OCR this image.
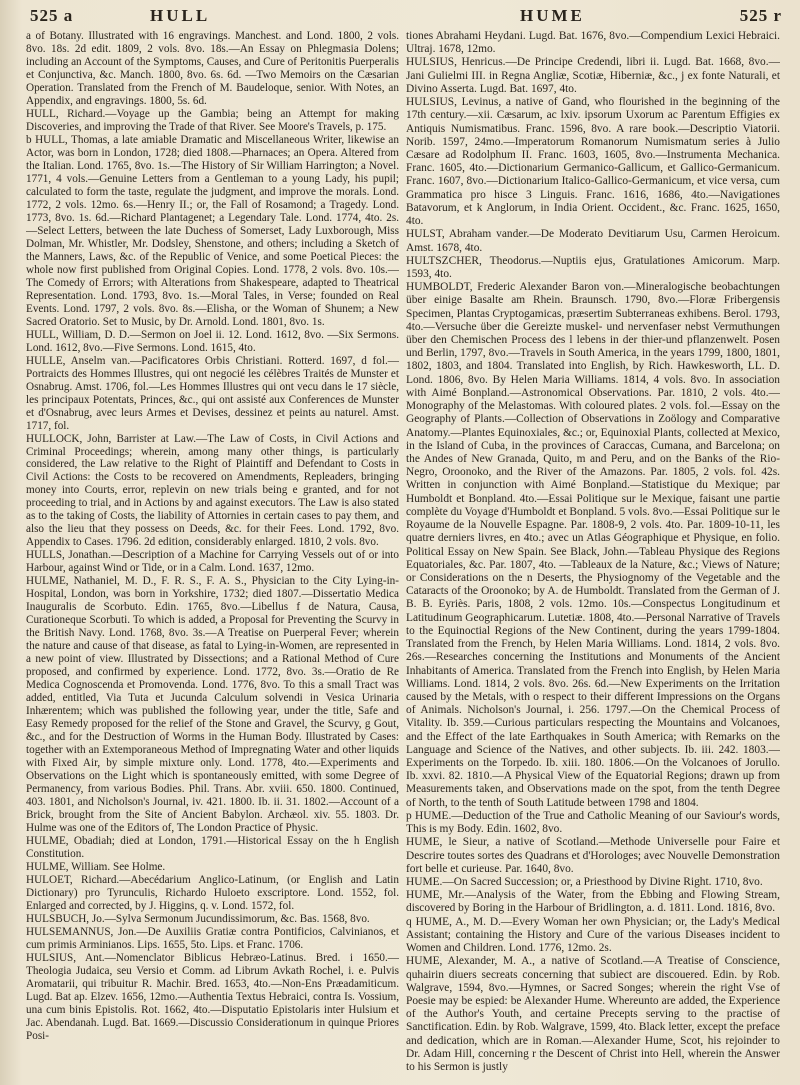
525 a	HULL	HUME	525 r

a of Botany. Illustrated with 16 engravings. Manchest. and Lond. 1800, 2 vols. 8vo. 18s. 2d edit. 1809, 2 vols. 8vo. 18s.—An Essay on Phlegmasia Dolens; including an Account of the Symptoms, Causes, and Cure of Peritonitis Puerperalis et Conjunctiva, &c. Manch. 1800, 8vo. 6s. 6d. —Two Memoirs on the Cæsarian Operation. Translated from the French of M. Baudeloque, senior. With Notes, an Appendix, and engravings. 1800, 5s. 6d.

HULL, Richard.—Voyage up the Gambia; being an Attempt for making Discoveries, and improving the Trade of that River. See Moore's Travels, p. 175.

b HULL, Thomas, a late amiable Dramatic and Miscellaneous Writer, likewise an Actor, was born in London, 1728; died 1808.—Pharnaces; an Opera. Altered from the Italian. Lond. 1765, 8vo. 1s.—The History of Sir William Harrington; a Novel. 1771, 4 vols.—Genuine Letters from a Gentleman to a young Lady, his pupil; calculated to form the taste, regulate the judgment, and improve the morals. Lond. 1772, 2 vols. 12mo. 6s.—Henry II.; or, the Fall of Rosamond; a Tragedy. Lond. 1773, 8vo. 1s. 6d.—Richard Plantagenet; a Legendary Tale. Lond. 1774, 4to. 2s. —Select Letters, between the late Duchess of Somerset, Lady Luxborough, Miss Dolman, Mr. Whistler, Mr. Dodsley, Shenstone, and others; including a Sketch of the Manners, Laws, &c. of the Republic of Venice, and some Poetical Pieces: the whole now first published from Original Copies. Lond. 1778, 2 vols. 8vo. 10s.—The Comedy of Errors; with Alterations from Shakespeare, adapted to Theatrical Representation. Lond. 1793, 8vo. 1s.—Moral Tales, in Verse; founded on Real Events. Lond. 1797, 2 vols. 8vo. 8s.—Elisha, or the Woman of Shunem; a New Sacred Oratorio. Set to Music, by Dr. Arnold. Lond. 1801, 8vo. 1s.

HULL, William, D. D.—Sermon on Joel ii. 12. Lond. 1612, 8vo. —Six Sermons. Lond. 1612, 8vo.—Five Sermons. Lond. 1615, 4to.

HULLE, Anselm van.—Pacificatores Orbis Christiani. Rotterd. 1697, d fol.—Portraicts des Hommes Illustres, qui ont negocié les célèbres Traités de Munster et Osnabrug. Amst. 1706, fol.—Les Hommes Illustres qui ont vecu dans le 17 siècle, les principaux Potentats, Princes, &c., qui ont assisté aux Conferences de Munster et d'Osnabrug, avec leurs Armes et Devises, dessinez et peints au naturel. Amst. 1717, fol.

HULLOCK, John, Barrister at Law.—The Law of Costs, in Civil Actions and Criminal Proceedings; wherein, among many other things, is particularly considered, the Law relative to the Right of Plaintiff and Defendant to Costs in Civil Actions: the Costs to be recovered on Amendments, Repleaders, bringing money into Courts, error, replevin on new trials being e granted, and for not proceeding to trial, and in Actions by and against executors. The Law is also stated as to the taking of Costs, the liability of Attornies in certain cases to pay them, and also the lieu that they possess on Deeds, &c. for their Fees. Lond. 1792, 8vo. Appendix to Cases. 1796. 2d edition, considerably enlarged. 1810, 2 vols. 8vo.

HULLS, Jonathan.—Description of a Machine for Carrying Vessels out of or into Harbour, against Wind or Tide, or in a Calm. Lond. 1637, 12mo.

HULME, Nathaniel, M. D., F. R. S., F. A. S., Physician to the City Lying-in-Hospital, London, was born in Yorkshire, 1732; died 1807.—Dissertatio Medica Inauguralis de Scorbuto. Edin. 1765, 8vo.—Libellus f de Natura, Causa, Curationeque Scorbuti. To which is added, a Proposal for Preventing the Scurvy in the British Navy. Lond. 1768, 8vo. 3s.—A Treatise on Puerperal Fever; wherein the nature and cause of that disease, as fatal to Lying-in-Women, are represented in a new point of view. Illustrated by Dissections; and a Rational Method of Cure proposed, and confirmed by experience. Lond. 1772, 8vo. 3s.—Oratio de Re Medica Cognoscenda et Promovenda. Lond. 1776, 8vo. To this a small Tract was added, entitled, Via Tuta et Jucunda Calculum solvendi in Vesica Urinaria Inhærentem; which was published the following year, under the title, Safe and Easy Remedy proposed for the relief of the Stone and Gravel, the Scurvy, g Gout, &c., and for the Destruction of Worms in the Human Body. Illustrated by Cases: together with an Extemporaneous Method of Impregnating Water and other liquids with Fixed Air, by simple mixture only. Lond. 1778, 4to.—Experiments and Observations on the Light which is spontaneously emitted, with some Degree of Permanency, from various Bodies. Phil. Trans. Abr. xviii. 650. 1800. Continued, 403. 1801, and Nicholson's Journal, iv. 421. 1800. Ib. ii. 31. 1802.—Account of a Brick, brought from the Site of Ancient Babylon. Archæol. xiv. 55. 1803. Dr. Hulme was one of the Editors of, The London Practice of Physic.

HULME, Obadiah; died at London, 1791.—Historical Essay on the h English Constitution.

HULME, William. See Holme.

HULOET, Richard.—Abecédarium Anglico-Latinum, (or English and Latin Dictionary) pro Tyrunculis, Richardo Huloeto exscriptore. Lond. 1552, fol. Enlarged and corrected, by J. Higgins, q. v. Lond. 1572, fol.

HULSBUCH, Jo.—Sylva Sermonum Jucundissimorum, &c. Bas. 1568, 8vo.

HULSEMANNUS, Jon.—De Auxiliis Gratiæ contra Pontificios, Calvinianos, et cum primis Arminianos. Lips. 1655, 5to. Lips. et Franc. 1706.

HULSIUS, Ant.—Nomenclator Biblicus Hebræo-Latinus. Bred. i 1650.—Theologia Judaica, seu Versio et Comm. ad Librum Avkath Rochel, i. e. Pulvis Aromatarii, qui tribuitur R. Machir. Bred. 1653, 4to.—Non-Ens Præadamiticum. Lugd. Bat ap. Elzev. 1656, 12mo.—Authentia Textus Hebraici, contra Is. Vossium, una cum binis Epistolis. Rot. 1662, 4to.—Disputatio Epistolaris inter Hulsium et Jac. Abendanah. Lugd. Bat. 1669.—Discussio Considerationum in quinque Priores Posi-

tiones Abrahami Heydani. Lugd. Bat. 1676, 8vo.—Compendium Lexici Hebraici. Ultraj. 1678, 12mo.

HULSIUS, Henricus.—De Principe Credendi, libri ii. Lugd. Bat. 1668, 8vo.—Jani Gulielmi III. in Regna Angliæ, Scotiæ, Hiberniæ, &c., j ex fonte Naturali, et Divino Asserta. Lugd. Bat. 1697, 4to.

HULSIUS, Levinus, a native of Gand, who flourished in the beginning of the 17th century.—xii. Cæsarum, ac lxiv. ipsorum Uxorum ac Parentum Effigies ex Antiquis Numismatibus. Franc. 1596, 8vo. A rare book.—Descriptio Viatorii. Norib. 1597, 24mo.—Imperatorum Romanorum Numismatum series à Julio Cæsare ad Rodolphum II. Franc. 1603, 1605, 8vo.—Instrumenta Mechanica. Franc. 1605, 4to.—Dictionarium Germanico-Gallicum, et Gallico-Germanicum. Franc. 1607, 8vo.—Dictionarium Italico-Gallico-Germanicum, et vice versa, cum Grammatica pro hisce 3 Linguis. Franc. 1616, 1686, 4to.—Navigationes Batavorum, et k Anglorum, in India Orient. Occident., &c. Franc. 1625, 1650, 4to.

HULST, Abraham vander.—De Moderato Devitiarum Usu, Carmen Heroicum. Amst. 1678, 4to.

HULTSZCHER, Theodorus.—Nuptiis ejus, Gratulationes Amicorum. Marp. 1593, 4to.

HUMBOLDT, Frederic Alexander Baron von.—Mineralogische beobachtungen über einige Basalte am Rhein. Braunsch. 1790, 8vo.—Floræ Fribergensis Specimen, Plantas Cryptogamicas, præsertim Subterraneas exhibens. Berol. 1793, 4to.—Versuche über die Gereizte muskel- und nervenfaser nebst Vermuthungen über den Chemischen Process des l lebens in der thier-und pflanzenwelt. Posen und Berlin, 1797, 8vo.—Travels in South America, in the years 1799, 1800, 1801, 1802, 1803, and 1804. Translated into English, by Rich. Hawkesworth, LL. D. Lond. 1806, 8vo. By Helen Maria Williams. 1814, 4 vols. 8vo. In association with Aimé Bonpland.—Astronomical Observations. Par. 1810, 2 vols. 4to.—Monography of the Melastomas. With coloured plates. 2 vols. fol.—Essay on the Geography of Plants.—Collection of Observations in Zoölogy and Comparative Anatomy.—Plantes Equinoxiales, &c.; or, Equinoxial Plants, collected at Mexico, in the Island of Cuba, in the provinces of Caraccas, Cumana, and Barcelona; on the Andes of New Granada, Quito, m and Peru, and on the Banks of the Rio-Negro, Oroonoko, and the River of the Amazons. Par. 1805, 2 vols. fol. 42s. Written in conjunction with Aimé Bonpland.—Statistique du Mexique; par Humboldt et Bonpland. 4to.—Essai Politique sur le Mexique, faisant une partie complète du Voyage d'Humboldt et Bonpland. 5 vols. 8vo.—Essai Politique sur le Royaume de la Nouvelle Espagne. Par. 1808-9, 2 vols. 4to. Par. 1809-10-11, les quatre derniers livres, en 4to.; avec un Atlas Géographique et Physique, en folio. Political Essay on New Spain. See Black, John.—Tableau Physique des Regions Equatoriales, &c. Par. 1807, 4to. —Tableaux de la Nature, &c.; Views of Nature; or Considerations on the n Deserts, the Physiognomy of the Vegetable and the Cataracts of the Oroonoko; by A. de Humboldt. Translated from the German of J. B. B. Eyriès. Paris, 1808, 2 vols. 12mo. 10s.—Conspectus Longitudinum et Latitudinum Geographicarum. Lutetiæ. 1808, 4to.—Personal Narrative of Travels to the Equinoctial Regions of the New Continent, during the years 1799-1804. Translated from the French, by Helen Maria Williams. Lond. 1814, 2 vols. 8vo. 26s.—Researches concerning the Institutions and Monuments of the Ancient Inhabitants of America. Translated from the French into English, by Helen Maria Williams. Lond. 1814, 2 vols. 8vo. 26s. 6d.—New Experiments on the Irritation caused by the Metals, with o respect to their different Impressions on the Organs of Animals. Nicholson's Journal, i. 256. 1797.—On the Chemical Process of Vitality. Ib. 359.—Curious particulars respecting the Mountains and Volcanoes, and the Effect of the late Earthquakes in South America; with Remarks on the Language and Science of the Natives, and other subjects. Ib. iii. 242. 1803.—Experiments on the Torpedo. Ib. xiii. 180. 1806.—On the Volcanoes of Jorullo. Ib. xxvi. 82. 1810.—A Physical View of the Equatorial Regions; drawn up from Measurements taken, and Observations made on the spot, from the tenth Degree of North, to the tenth of South Latitude between 1798 and 1804.

p HUME.—Deduction of the True and Catholic Meaning of our Saviour's words, This is my Body. Edin. 1602, 8vo.

HUME, le Sieur, a native of Scotland.—Methode Universelle pour Faire et Descrire toutes sortes des Quadrans et d'Horologes; avec Nouvelle Demonstration fort belle et curieuse. Par. 1640, 8vo.

HUME.—On Sacred Succession; or, a Priesthood by Divine Right. 1710, 8vo.

HUME, Mr.—Analysis of the Water, from the Ebbing and Flowing Stream, discovered by Boring in the Harbour of Bridlington, a. d. 1811. Lond. 1816, 8vo.

q HUME, A., M. D.—Every Woman her own Physician; or, the Lady's Medical Assistant; containing the History and Cure of the various Diseases incident to Women and Children. Lond. 1776, 12mo. 2s.

HUME, Alexander, M. A., a native of Scotland.—A Treatise of Conscience, quhairin diuers secreats concerning that subiect are discouered. Edin. by Rob. Walgrave, 1594, 8vo.—Hymnes, or Sacred Songes; wherein the right Vse of Poesie may be espied: be Alexander Hume. Whereunto are added, the Experience of the Author's Youth, and certaine Precepts serving to the practise of Sanctification. Edin. by Rob. Walgrave, 1599, 4to. Black letter, except the preface and dedication, which are in Roman.—Alexander Hume, Scot, his rejoinder to Dr. Adam Hill, concerning r the Descent of Christ into Hell, wherein the Answer to his Sermon is justly
